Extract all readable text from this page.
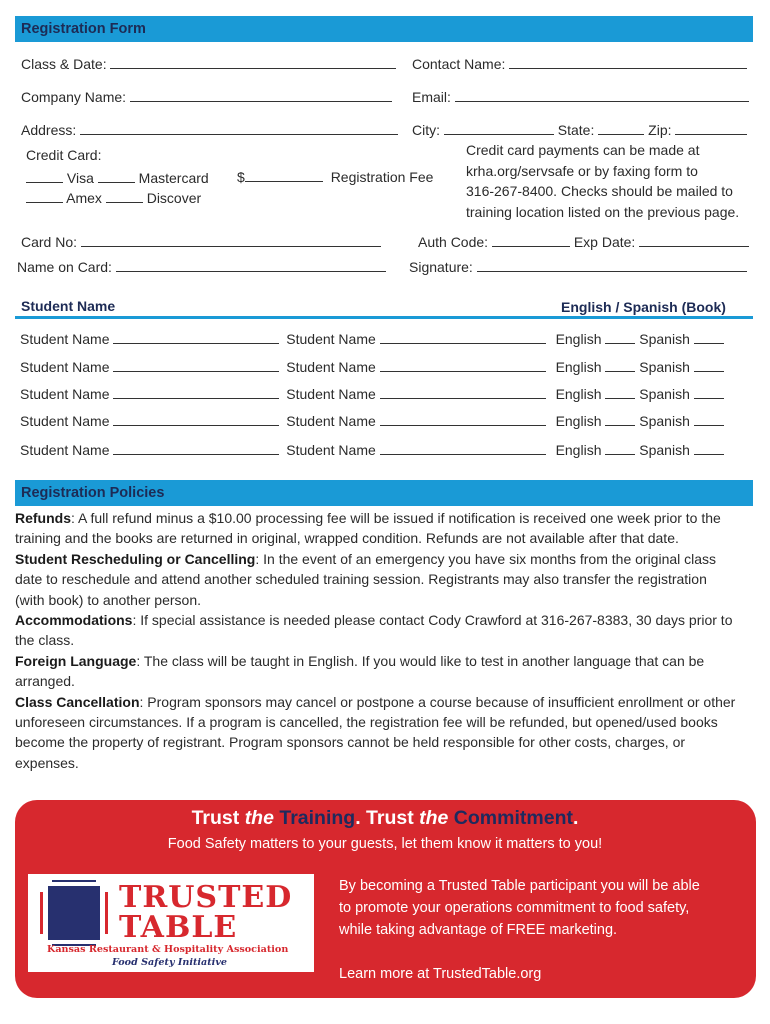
Registration Form
Class & Date:	Contact Name:
Company Name:	Email:
Address:	City:	State:	Zip:
Credit Card:
Visa	Mastercard
Amex	Discover
$	Registration Fee
Credit card payments can be made at
krha.org/servsafe or by faxing form to
316-267-8400. Checks should be mailed to
training location listed on the previous page.
Card No:	Auth Code:	Exp Date:
Name on Card:	Signature:
Student Name	English / Spanish (Book)
Student Name	Student Name	English	Spanish
Student Name	Student Name	English	Spanish
Student Name	Student Name	English	Spanish
Student Name	Student Name	English	Spanish
Student Name	Student Name	English	Spanish
Registration Policies
Refunds: A full refund minus a $10.00 processing fee will be issued if notification is received one week prior to the
training and the books are returned in original, wrapped condition. Refunds are not available after that date.
Student Rescheduling or Cancelling: In the event of an emergency you have six months from the original class
date to reschedule and attend another scheduled training session. Registrants may also transfer the registration
(with book) to another person.
Accommodations: If special assistance is needed please contact Cody Crawford at 316-267-8383, 30 days prior to
the class.
Foreign Language: The class will be taught in English. If you would like to test in another language that can be
arranged.
Class Cancellation: Program sponsors may cancel or postpone a course because of insufficient enrollment or other
unforeseen circumstances. If a program is cancelled, the registration fee will be refunded, but opened/used books
become the property of registrant. Program sponsors cannot be held responsible for other costs, charges, or
expenses.
Trust the Training. Trust the Commitment.
Food Safety matters to your guests, let them know it matters to you!
TRUSTED
TABLE
Kansas Restaurant & Hospitality Association
Food Safety Initiative
By becoming a Trusted Table participant you will be able
to promote your operations commitment to food safety,
while taking advantage of FREE marketing.
Learn more at TrustedTable.org
